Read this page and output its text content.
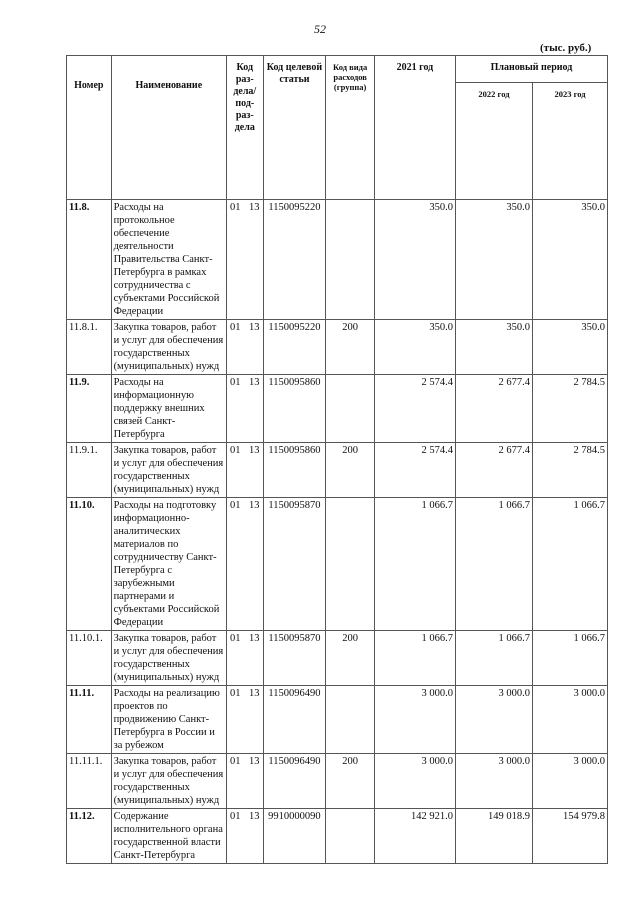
52
(тыс. руб.)
Номер	Наименование	Код раз-дела/под-раз-дела	Код целевой статьи	Код вида расходов (группа)	2021 год	Плановый период	
						2022 год	2023 год
11.8.	Расходы на протокольное обеспечение деятельности Правительства Санкт-Петербурга в рамках сотрудничества с субъектами Российской Федерации	01 13	1150095220		350.0	350.0	350.0
11.8.1.	Закупка товаров, работ и услуг для обеспечения государственных (муниципальных) нужд	01 13	1150095220	200	350.0	350.0	350.0
11.9.	Расходы на информационную поддержку внешних связей Санкт-Петербурга	01 13	1150095860		2 574.4	2 677.4	2 784.5
11.9.1.	Закупка товаров, работ и услуг для обеспечения государственных (муниципальных) нужд	01 13	1150095860	200	2 574.4	2 677.4	2 784.5
11.10.	Расходы на подготовку информационно-аналитических материалов по сотрудничеству Санкт-Петербурга с зарубежными партнерами и субъектами Российской Федерации	01 13	1150095870		1 066.7	1 066.7	1 066.7
11.10.1.	Закупка товаров, работ и услуг для обеспечения государственных (муниципальных) нужд	01 13	1150095870	200	1 066.7	1 066.7	1 066.7
11.11.	Расходы на реализацию проектов по продвижению Санкт-Петербурга в России и за рубежом	01 13	1150096490		3 000.0	3 000.0	3 000.0
11.11.1.	Закупка товаров, работ и услуг для обеспечения государственных (муниципальных) нужд	01 13	1150096490	200	3 000.0	3 000.0	3 000.0
11.12.	Содержание исполнительного органа государственной власти Санкт-Петербурга	01 13	9910000090		142 921.0	149 018.9	154 979.8
